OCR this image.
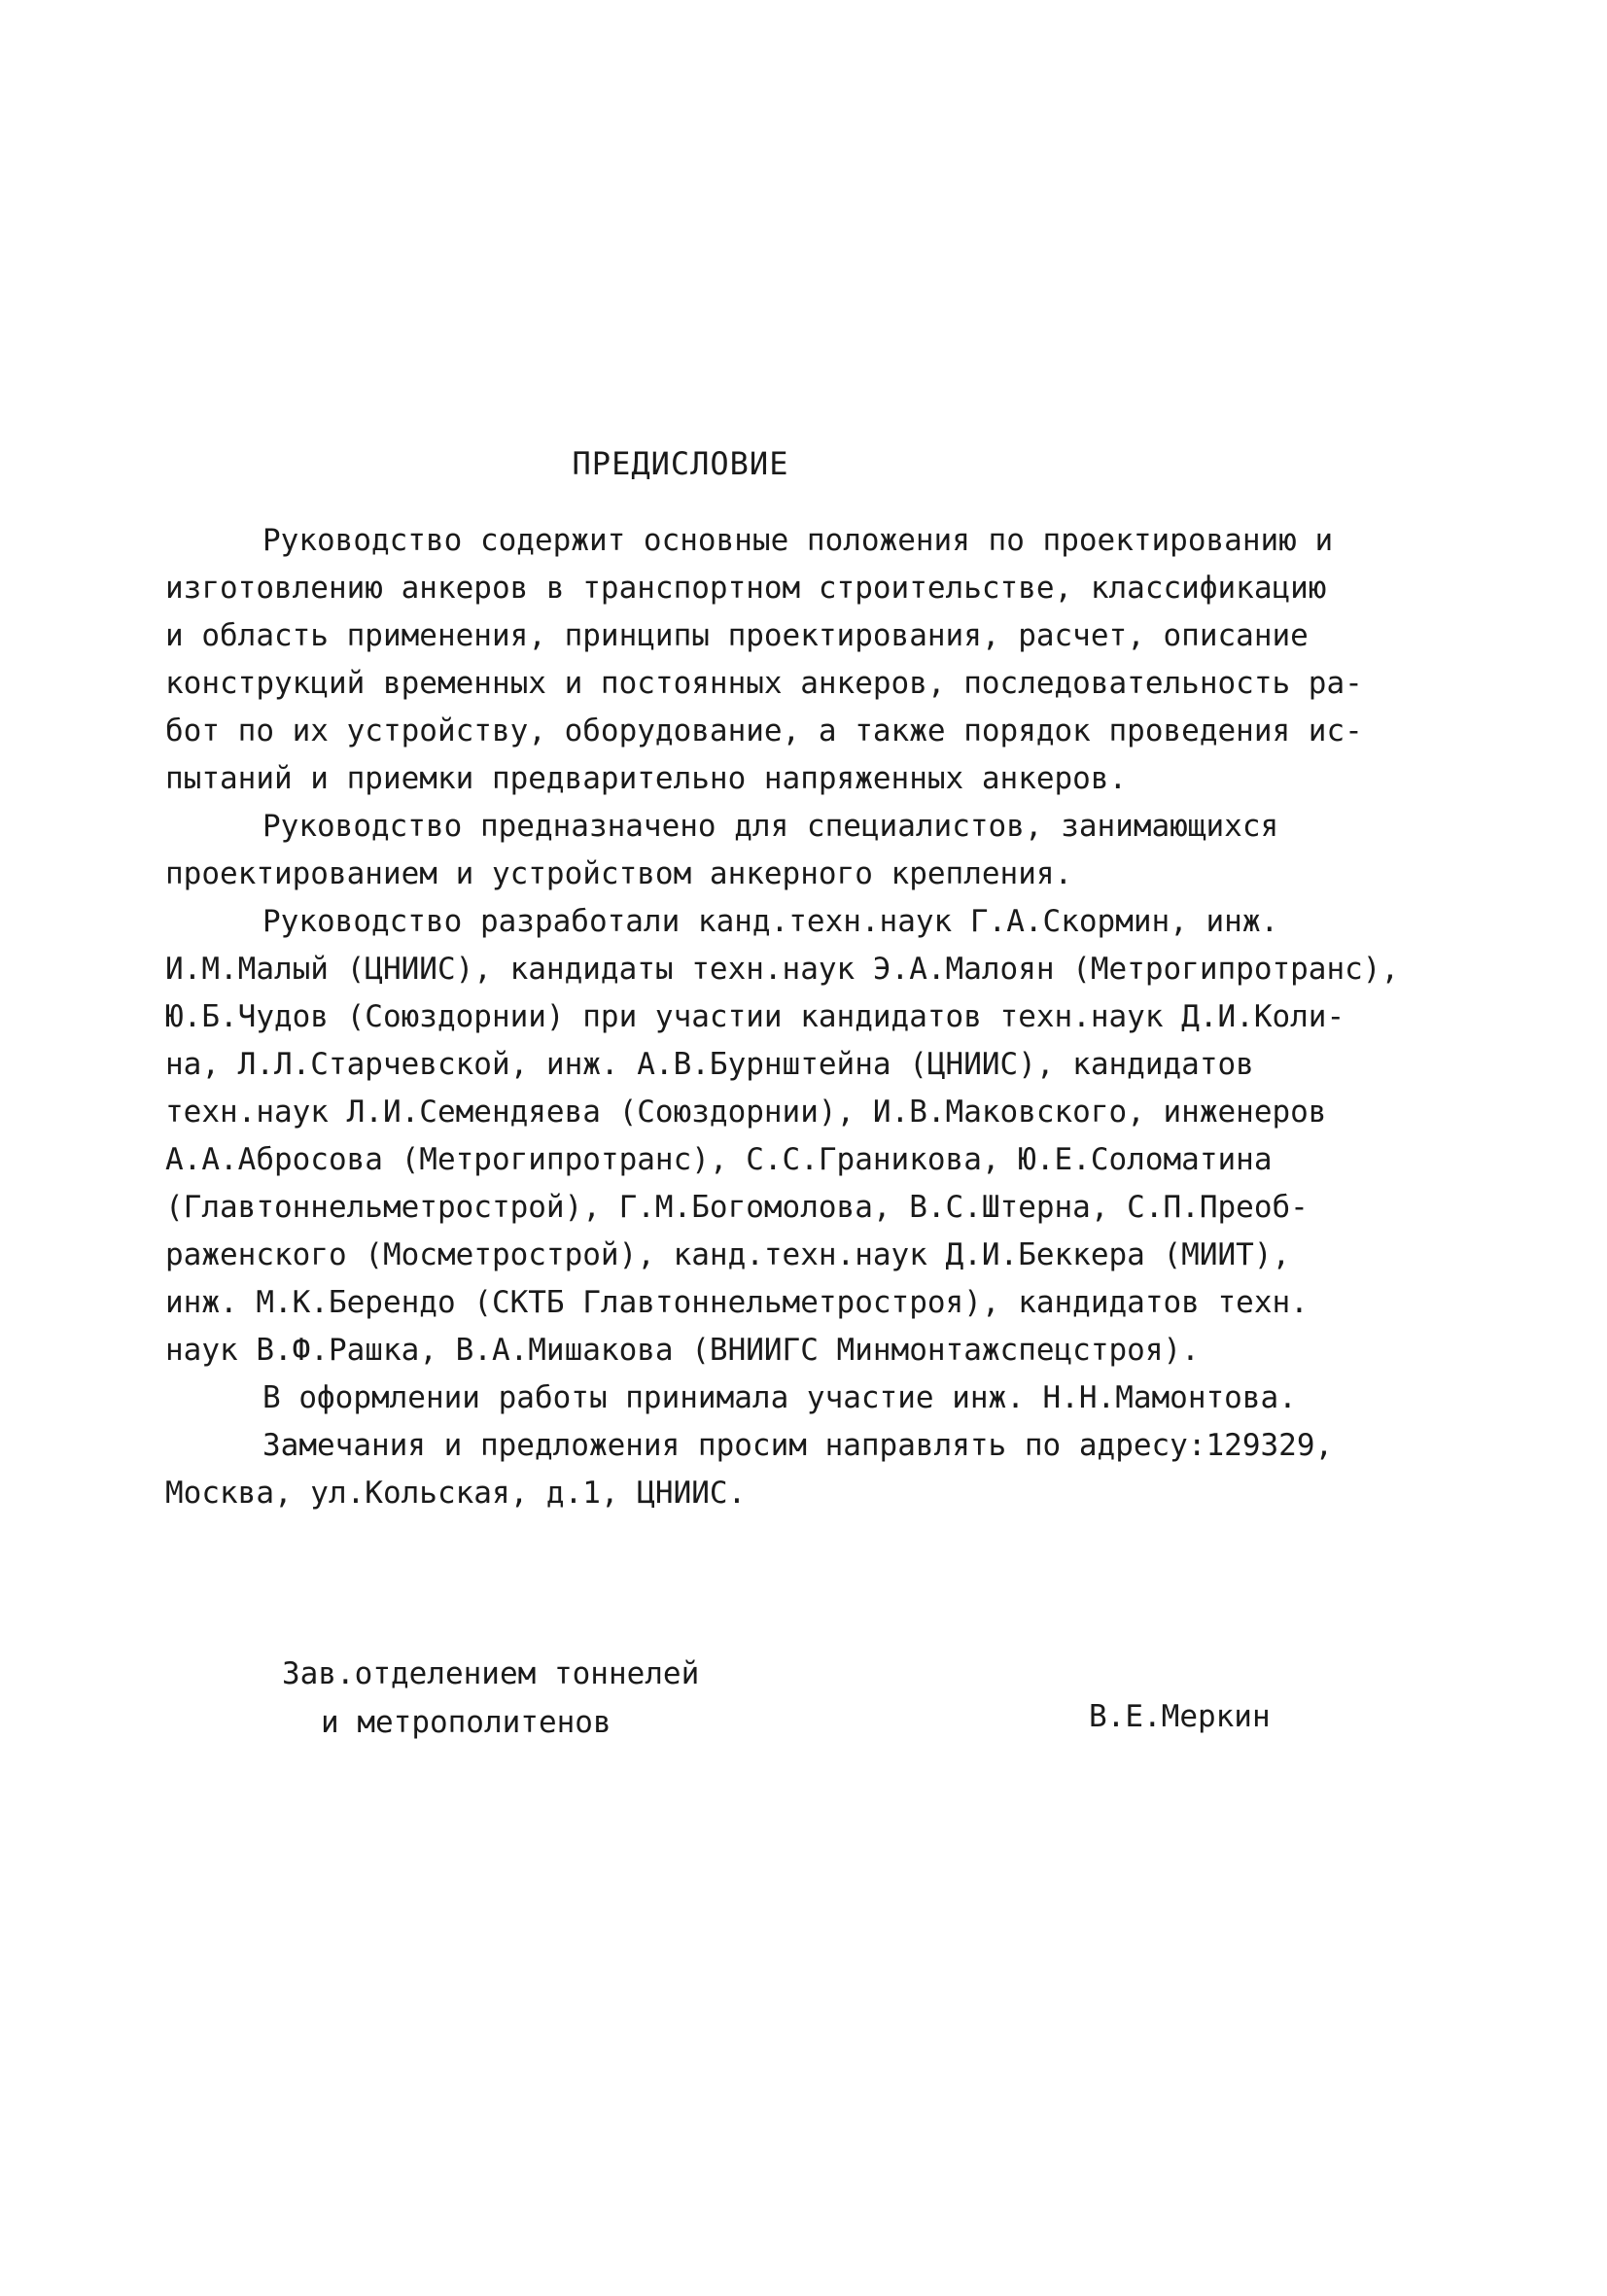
ПРЕДИСЛОВИЕ
Руководство содержит основные положения по проектированию и
изготовлению анкеров в транспортном строительстве, классификацию
и область применения, принципы проектирования, расчет, описание
конструкций временных и постоянных анкеров, последовательность ра-
бот по их устройству, оборудование, а также порядок проведения ис-
пытаний и приемки предварительно напряженных анкеров.
Руководство предназначено для специалистов, занимающихся
проектированием и устройством анкерного крепления.
Руководство разработали канд.техн.наук Г.А.Скормин, инж.
И.М.Малый (ЦНИИС), кандидаты техн.наук Э.А.Малоян (Метрогипротранс),
Ю.Б.Чудов (Союздорнии) при участии кандидатов техн.наук Д.И.Коли-
на, Л.Л.Старчевской, инж. А.В.Бурнштейна (ЦНИИС), кандидатов
техн.наук Л.И.Семендяева (Союздорнии), И.В.Маковского, инженеров
А.А.Абросова (Метрогипротранс), С.С.Граникова, Ю.Е.Соломатина
(Главтоннельметрострой), Г.М.Богомолова, В.С.Штерна, С.П.Преоб-
раженского (Мосметрострой), канд.техн.наук Д.И.Беккера (МИИТ),
инж. М.К.Берендо (СКТБ Главтоннельметростроя), кандидатов техн.
наук В.Ф.Рашка, В.А.Мишакова (ВНИИГС Минмонтажспецстроя).
В оформлении работы принимала участие инж. Н.Н.Мамонтова.
Замечания и предложения просим направлять по адресу:129329,
Москва, ул.Кольская, д.1, ЦНИИС.
Зав.отделением тоннелей
и метрополитенов	В.Е.Меркин
